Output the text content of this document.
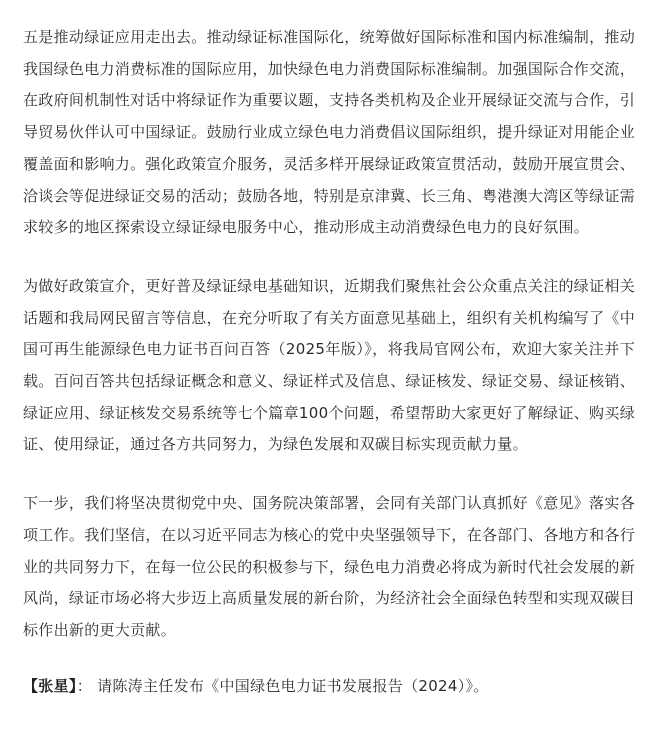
五是推动绿证应用走出去。推动绿证标准国际化，统筹做好国际标准和国内标准编制，推动我国绿色电力消费标准的国际应用，加快绿色电力消费国际标准编制。加强国际合作交流，在政府间机制性对话中将绿证作为重要议题，支持各类机构及企业开展绿证交流与合作，引导贸易伙伴认可中国绿证。鼓励行业成立绿色电力消费倡议国际组织，提升绿证对用能企业覆盖面和影响力。强化政策宣介服务，灵活多样开展绿证政策宣贯活动，鼓励开展宣贯会、洽谈会等促进绿证交易的活动；鼓励各地，特别是京津冀、长三角、粤港澳大湾区等绿证需求较多的地区探索设立绿证绿电服务中心，推动形成主动消费绿色电力的良好氛围。

为做好政策宣介，更好普及绿证绿电基础知识，近期我们聚焦社会公众重点关注的绿证相关话题和我局网民留言等信息，在充分听取了有关方面意见基础上，组织有关机构编写了《中国可再生能源绿色电力证书百问百答（2025年版）》，将我局官网公布，欢迎大家关注并下载。百问百答共包括绿证概念和意义、绿证样式及信息、绿证核发、绿证交易、绿证核销、绿证应用、绿证核发交易系统等七个篇章100个问题，希望帮助大家更好了解绿证、购买绿证、使用绿证，通过各方共同努力，为绿色发展和双碳目标实现贡献力量。

下一步，我们将坚决贯彻党中央、国务院决策部署，会同有关部门认真抓好《意见》落实各项工作。我们坚信，在以习近平同志为核心的党中央坚强领导下，在各部门、各地方和各行业的共同努力下，在每一位公民的积极参与下，绿色电力消费必将成为新时代社会发展的新风尚，绿证市场必将大步迈上高质量发展的新台阶，为经济社会全面绿色转型和实现双碳目标作出新的更大贡献。

【张星】： 请陈涛主任发布《中国绿色电力证书发展报告（2024）》。
